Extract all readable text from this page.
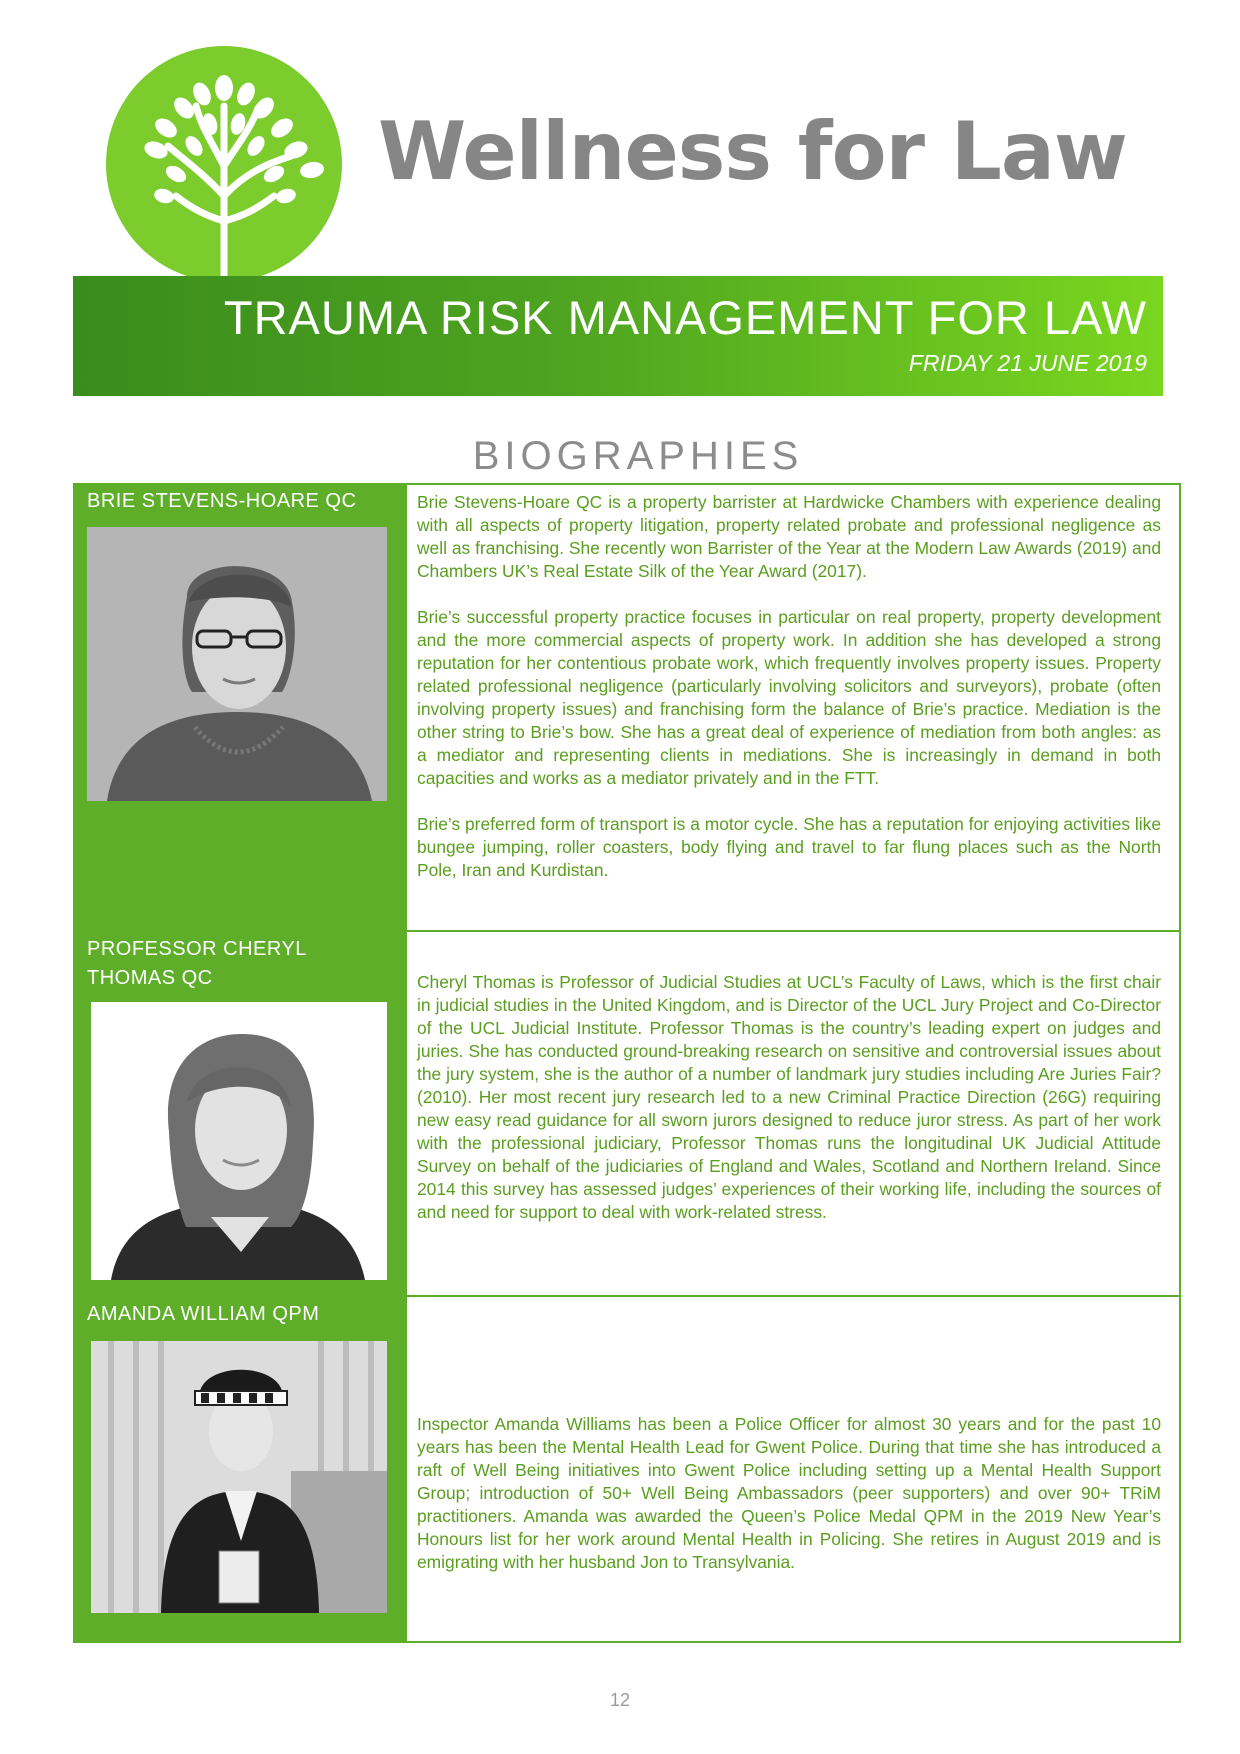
Wellness for Law
TRAUMA RISK MANAGEMENT FOR LAW
FRIDAY 21 JUNE 2019
BIOGRAPHIES
BRIE STEVENS-HOARE QC	Brie Stevens-Hoare QC is a property barrister at Hardwicke Chambers with experience dealing with all aspects of property litigation, property related probate and professional negligence as well as franchising. She recently won Barrister of the Year at the Modern Law Awards (2019) and Chambers UK’s Real Estate Silk of the Year Award (2017).

Brie’s successful property practice focuses in particular on real property, property development and the more commercial aspects of property work. In addition she has developed a strong reputation for her contentious probate work, which frequently involves property issues. Property related professional negligence (particularly involving solicitors and surveyors), probate (often involving property issues) and franchising form the balance of Brie’s practice. Mediation is the other string to Brie’s bow. She has a great deal of experience of mediation from both angles: as a mediator and representing clients in mediations. She is increasingly in demand in both capacities and works as a mediator privately and in the FTT.

Brie’s preferred form of transport is a motor cycle. She has a reputation for enjoying activities like bungee jumping, roller coasters, body flying and travel to far flung places such as the North Pole, Iran and Kurdistan.

PROFESSOR CHERYL THOMAS QC	Cheryl Thomas is Professor of Judicial Studies at UCL’s Faculty of Laws, which is the first chair in judicial studies in the United Kingdom, and is Director of the UCL Jury Project and Co-Director of the UCL Judicial Institute. Professor Thomas is the country’s leading expert on judges and juries. She has conducted ground-breaking research on sensitive and controversial issues about the jury system, she is the author of a number of landmark jury studies including Are Juries Fair? (2010). Her most recent jury research led to a new Criminal Practice Direction (26G) requiring new easy read guidance for all sworn jurors designed to reduce juror stress. As part of her work with the professional judiciary, Professor Thomas runs the longitudinal UK Judicial Attitude Survey on behalf of the judiciaries of England and Wales, Scotland and Northern Ireland. Since 2014 this survey has assessed judges’ experiences of their working life, including the sources of and need for support to deal with work-related stress.

AMANDA WILLIAM QPM

Inspector Amanda Williams has been a Police Officer for almost 30 years and for the past 10 years has been the Mental Health Lead for Gwent Police. During that time she has introduced a raft of Well Being initiatives into Gwent Police including setting up a Mental Health Support Group; introduction of 50+ Well Being Ambassadors (peer supporters) and over 90+ TRiM practitioners. Amanda was awarded the Queen’s Police Medal QPM in the 2019 New Year’s Honours list for her work around Mental Health in Policing. She retires in August 2019 and is emigrating with her husband Jon to Transylvania.

12
